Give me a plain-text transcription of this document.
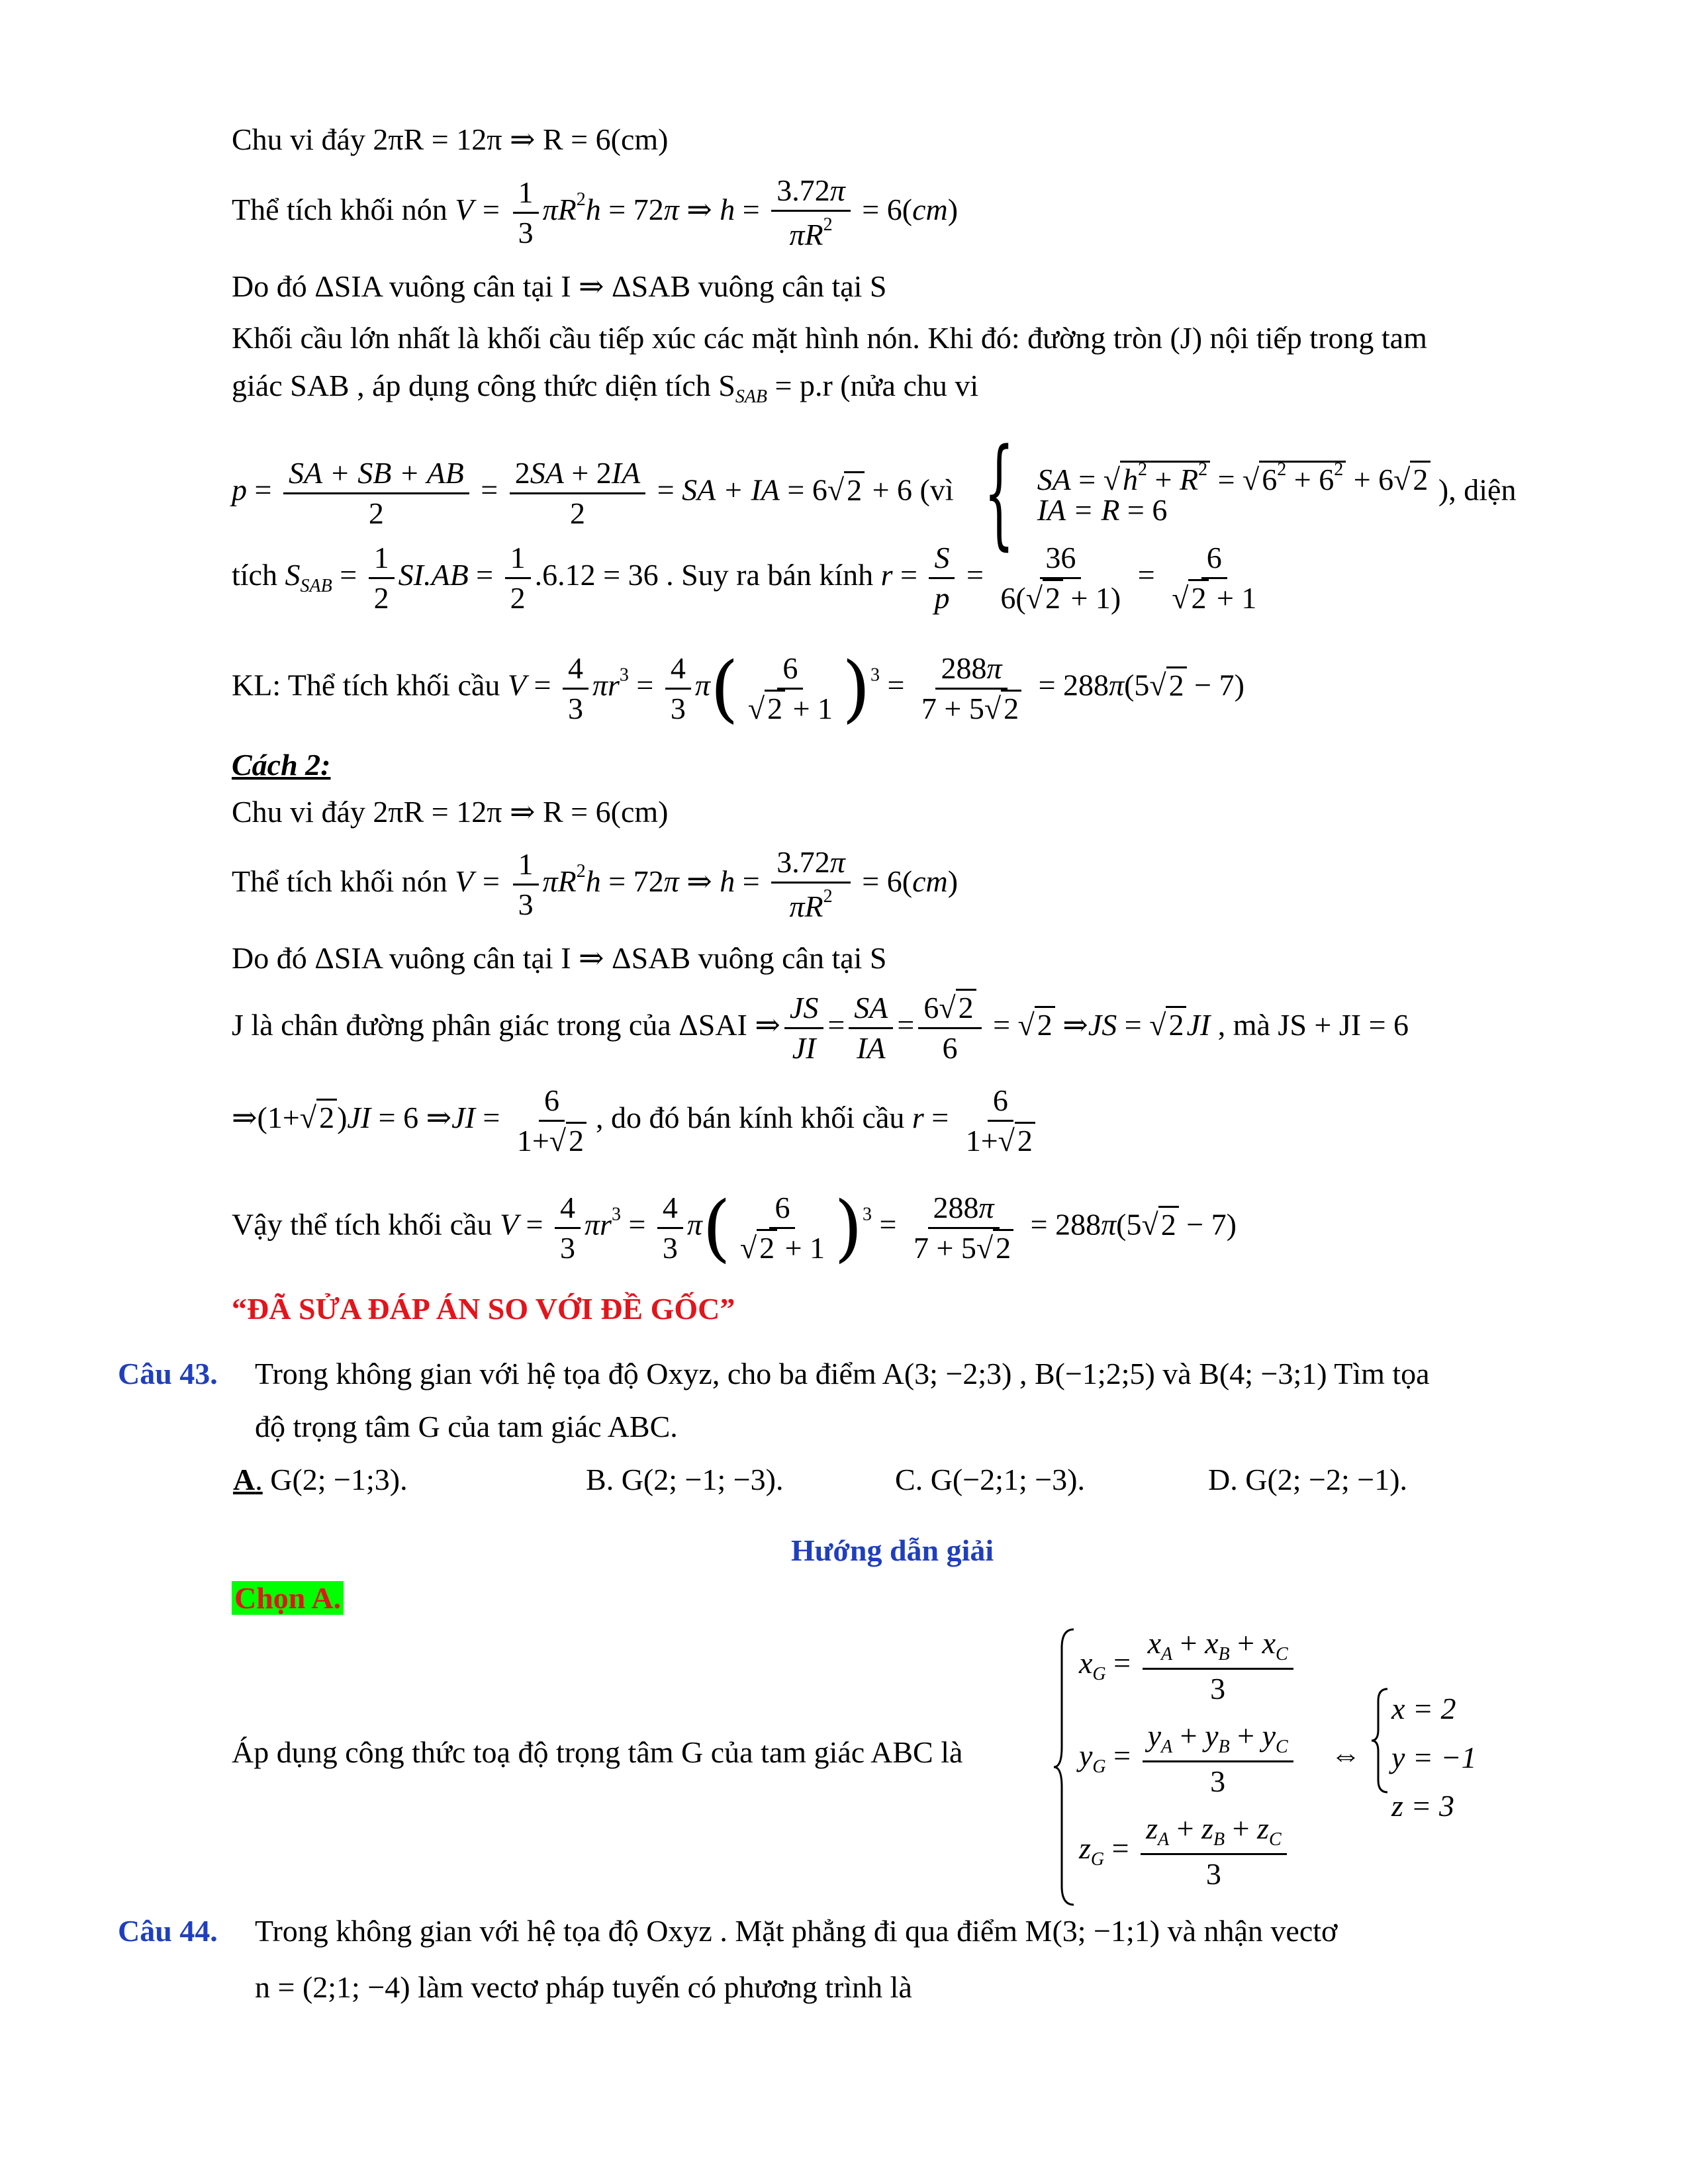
Chu vi đáy 2πR = 12π ⇒ R = 6(cm)
Thể tích khối nón $V = \frac{1}{3} \pi R^2h = 72\pi$ ⇒ $h = \frac{3.72\pi}{\pi R^2} = 6(cm)$
Do đó ΔSIA vuông cân tại I ⇒ ΔSAB vuông cân tại S
Khối cầu lớn nhất là khối cầu tiếp xúc các mặt hình nón. Khi đó: đường tròn (J) nội tiếp trong tam
giác SAB , áp dụng công thức diện tích $S_{SAB} = p.r$ (nửa chu vi
$p = \frac{SA + SB + AB}{2} = \frac{2SA + 2IA}{2}$ = SA + IA = 6√2 + 6 (vì { SA = $√h^2 + R^2 = √6^2 + 6^2 + 6√2$
IA = R = 6
), diện
tích $S_{SAB} = \frac{1}{2} SI.AB = \frac{1}{2} .6.12 = 36$ . Suy ra bán kính $r = \frac{S}{p} = \frac{36}{6(√2 + 1)} = \frac{6}{√2 + 1}$
KL: Thể tích khối cầu $V = \frac{4}{3} \pi r^3 = \frac{4}{3} \pi( \frac{6}{√2 + 1} )^3 = \frac{288\pi}{7 + 5√2} = 288\pi(5√2 - 7)$
Cách 2:
Chu vi đáy 2πR = 12π ⇒ R = 6(cm)
Thể tích khối nón $V = \frac{1}{3} \pi R^2h = 72\pi$ ⇒ $h = \frac{3.72\pi}{\pi R^2} = 6(cm)$
Do đó ΔSIA vuông cân tại I ⇒ ΔSAB vuông cân tại S
J là chân đường phân giác trong của ΔSAI ⇒ $\frac{JS}{JI} = \frac{SA}{IA} = \frac{6√2}{6} = √2$ ⇒JS = √2JI , mà JS + JI = 6
⇒(1+√2)JI = 6 ⇒JI = $\frac{6}{1+√2}$ , do đó bán kính khối cầu $r = \frac{6}{1+√2}$
Vậy thể tích khối cầu $V = \frac{4}{3} \pi r^3 = \frac{4}{3} \pi( \frac{6}{√2 + 1} )^3 = \frac{288\pi}{7 + 5√2} = 288\pi(5√2 - 7)$
“ĐÃ SỬA ĐÁP ÁN SO VỚI ĐỀ GỐC”
Câu 43. Trong không gian với hệ tọa độ Oxyz, cho ba điểm A(3; −2;3) , B(−1;2;5) và B(4; −3;1) Tìm tọa
độ trọng tâm G của tam giác ABC.
A. G(2; −1;3).	B. G(2; −1; −3).	C. G(−2;1; −3).	D. G(2; −2; −1).
Hướng dẫn giải
Chọn A.
Áp dụng công thức toạ độ trọng tâm G của tam giác ABC là
$x_G = \frac{x_A + x_B + x_C}{3}$
$y_G = \frac{y_A + y_B + y_C}{3}$
$z_G = \frac{z_A + z_B + z_C}{3}$
⇔
x = 2
y = −1
z = 3
Câu 44. Trong không gian với hệ tọa độ Oxyz . Mặt phẳng đi qua điểm M(3; −1;1) và nhận vectơ
n = (2;1; −4) làm vectơ pháp tuyến có phương trình là
